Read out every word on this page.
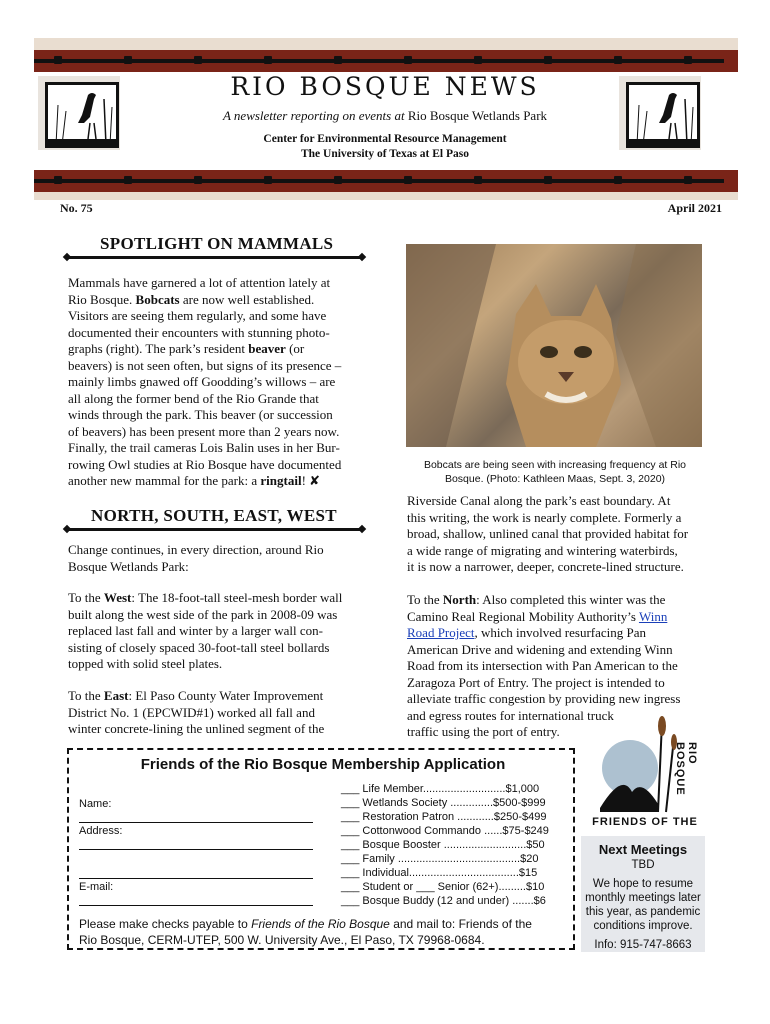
RIO BOSQUE NEWS
A newsletter reporting on events at Rio Bosque Wetlands Park
Center for Environmental Resource Management
The University of Texas at El Paso
No. 75	April 2021
SPOTLIGHT ON MAMMALS
Mammals have garnered a lot of attention lately at
Rio Bosque. Bobcats are now well established.
Visitors are seeing them regularly, and some have
documented their encounters with stunning photo-
graphs (right). The park’s resident beaver (or
beavers) is not seen often, but signs of its presence –
mainly limbs gnawed off Goodding’s willows – are
all along the former bend of the Rio Grande that
winds through the park. This beaver (or succession
of beavers) has been present more than 2 years now.
Finally, the trail cameras Lois Balin uses in her Bur-
rowing Owl studies at Rio Bosque have documented
another new mammal for the park: a ringtail! ✘
Bobcats are being seen with increasing frequency at Rio
Bosque. (Photo: Kathleen Maas, Sept. 3, 2020)
NORTH, SOUTH, EAST, WEST
Change continues, in every direction, around Rio
Bosque Wetlands Park:
To the West: The 18-foot-tall steel-mesh border wall
built along the west side of the park in 2008-09 was
replaced last fall and winter by a larger wall con-
sisting of closely spaced 30-foot-tall steel bollards
topped with solid steel plates.
To the East: El Paso County Water Improvement
District No. 1 (EPCWID#1) worked all fall and
winter concrete-lining the unlined segment of the
Riverside Canal along the park’s east boundary. At
this writing, the work is nearly complete. Formerly a
broad, shallow, unlined canal that provided habitat for
a wide range of migrating and wintering waterbirds,
it is now a narrower, deeper, concrete-lined structure.
To the North: Also completed this winter was the
Camino Real Regional Mobility Authority’s Winn
Road Project, which involved resurfacing Pan
American Drive and widening and extending Winn
Road from its intersection with Pan American to the
Zaragoza Port of Entry. The project is intended to
alleviate traffic congestion by providing new ingress
and egress routes for international truck
traffic using the port of entry.
Friends of the Rio Bosque Membership Application
Name:
Address:
E-mail:
___ Life Member...........................$1,000
___ Wetlands Society ..............$500-$999
___ Restoration Patron ............$250-$499
___ Cottonwood Commando ......$75-$249
___ Bosque Booster ...........................$50
___ Family ........................................$20
___ Individual....................................$15
___ Student or ___ Senior (62+).........$10
___ Bosque Buddy (12 and under) .......$6
Please make checks payable to Friends of the Rio Bosque and mail to: Friends of the
Rio Bosque, CERM-UTEP, 500 W. University Ave., El Paso, TX 79968-0684.
RIO BOSQUE
FRIENDS OF THE
Next Meetings
TBD
We hope to resume
monthly meetings later
this year, as pandemic
conditions improve.
Info: 915-747-8663
